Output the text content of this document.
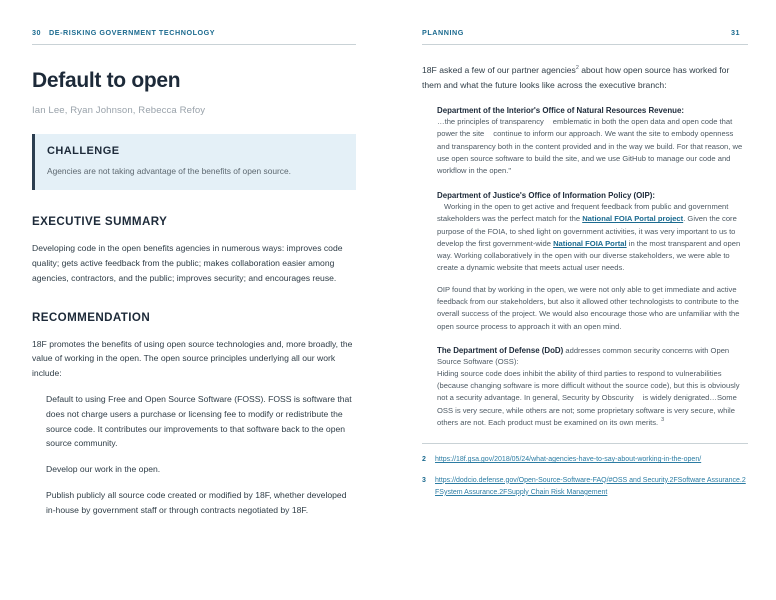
30	DE-RISKING GOVERNMENT TECHNOLOGY
Default to open

Ian Lee, Ryan Johnson, Rebecca Refoy

CHALLENGE

Agencies are not taking advantage of the benefits of open source.

EXECUTIVE SUMMARY

Developing code in the open benefits agencies in numerous ways: improves code quality; gets active feedback from the public; makes collaboration easier among agencies, contractors, and the public; improves security; and encourages reuse.

RECOMMENDATION

18F promotes the benefits of using open source technologies and, more broadly, the value of working in the open. The open source principles underlying all our work include:

Default to using Free and Open Source Software (FOSS). FOSS is software that does not charge users a purchase or licensing fee to modify or redistribute the source code. It contributes our improvements to that software back to the open source community.

Develop our work in the open.

Publish publicly all source code created or modified by 18F, whether developed in-house by government staff or through contracts negotiated by 18F.

PLANNING	31

18F asked a few of our partner agencies$^2$ about how open source has worked for them and what the future looks like across the executive branch:

Department of the Interior's Office of Natural Resources Revenue:

…the principles of transparency emblematic in both the open data and open code that power the site continue to inform our approach. We want the site to embody openness and transparency both in the content provided and in the way we build. For that reason, we use open source software to build the site, and we use GitHub to manage our code and workflow in the open."

Department of Justice's Office of Information Policy (OIP):

Working in the open to get active and frequent feedback from public and government stakeholders was the perfect match for the National FOIA Portal project. Given the core purpose of the FOIA, to shed light on government activities, it was very important to us to develop the first government-wide National FOIA Portal in the most transparent and open way. Working collaboratively in the open with our diverse stakeholders, we were able to create a dynamic website that meets actual user needs.

OIP found that by working in the open, we were not only able to get immediate and active feedback from our stakeholders, but also it allowed other technologists to contribute to the overall success of the project. We would also encourage those who are unfamiliar with the open source process to approach it with an open mind.

The Department of Defense (DoD) addresses common security concerns with Open Source Software (OSS):

Hiding source code does inhibit the ability of third parties to respond to vulnerabilities (because changing software is more difficult without the source code), but this is obviously not a security advantage. In general, Security by Obscurity is widely denigrated…Some OSS is very secure, while others are not; some proprietary software is very secure, while others are not. Each product must be examined on its own merits. $^3$

2	https://18f.gsa.gov/2018/05/24/what-agencies-have-to-say-about-working-in-the-open/
3	https://dodcio.defense.gov/Open-Source-Software-FAQ/#OSS and Security.2FSoftware Assurance.2FSystem Assurance.2FSupply Chain Risk Management
